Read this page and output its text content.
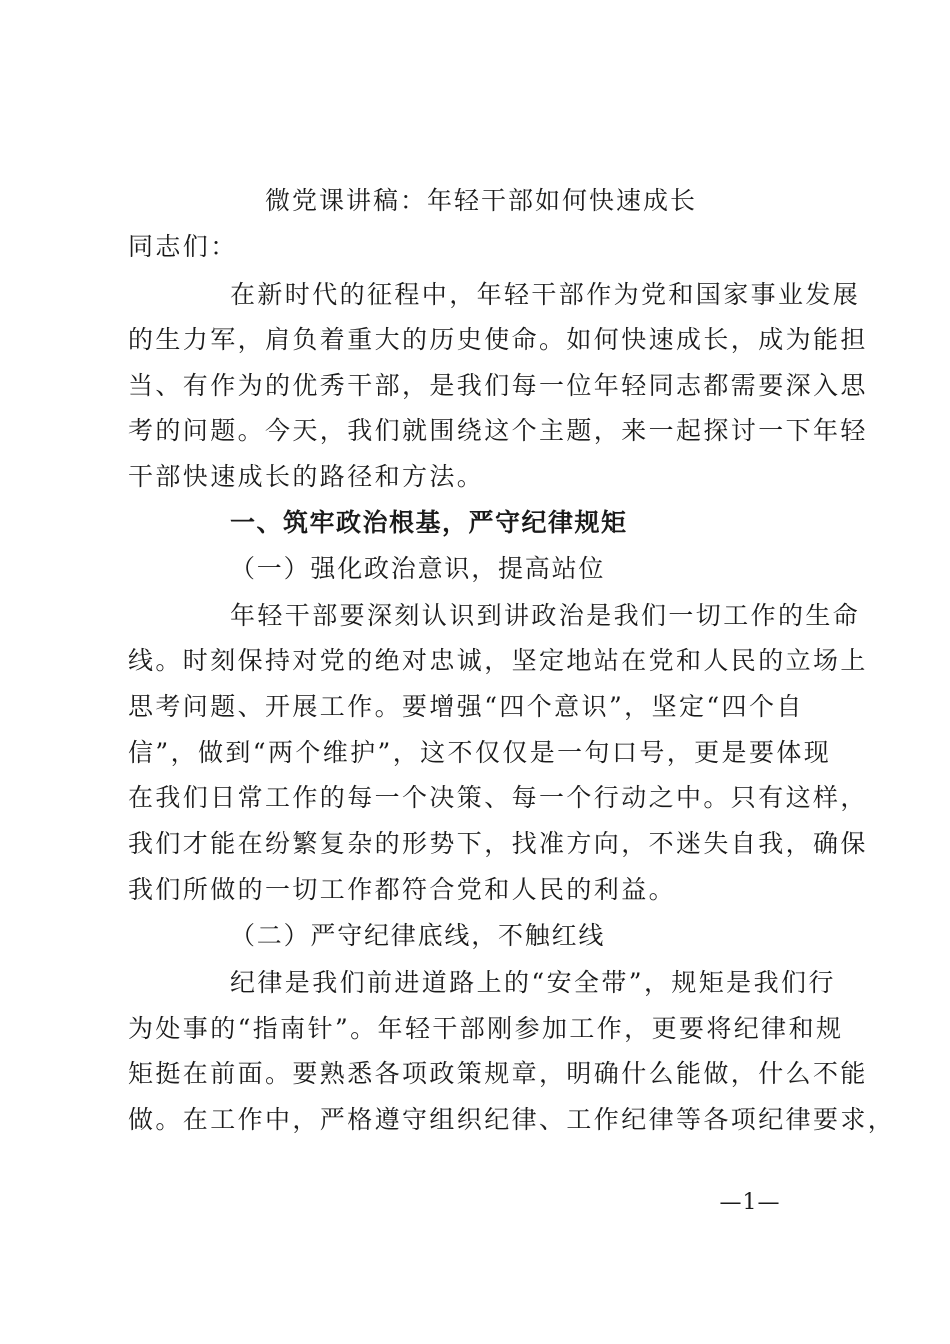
微党课讲稿：年轻干部如何快速成长
同志们：
在新时代的征程中，年轻干部作为党和国家事业发展
的生力军，肩负着重大的历史使命。如何快速成长，成为能担
当、有作为的优秀干部，是我们每一位年轻同志都需要深入思
考的问题。今天，我们就围绕这个主题，来一起探讨一下年轻
干部快速成长的路径和方法。
一、筑牢政治根基，严守纪律规矩
（一）强化政治意识，提高站位
年轻干部要深刻认识到讲政治是我们一切工作的生命
线。时刻保持对党的绝对忠诚，坚定地站在党和人民的立场上
思考问题、开展工作。要增强“四个意识”，坚定“四个自
信”，做到“两个维护”，这不仅仅是一句口号，更是要体现
在我们日常工作的每一个决策、每一个行动之中。只有这样，
我们才能在纷繁复杂的形势下，找准方向，不迷失自我，确保
我们所做的一切工作都符合党和人民的利益。
（二）严守纪律底线，不触红线
纪律是我们前进道路上的“安全带”，规矩是我们行
为处事的“指南针”。年轻干部刚参加工作，更要将纪律和规
矩挺在前面。要熟悉各项政策规章，明确什么能做，什么不能
做。在工作中，严格遵守组织纪律、工作纪律等各项纪律要求，
—1—
